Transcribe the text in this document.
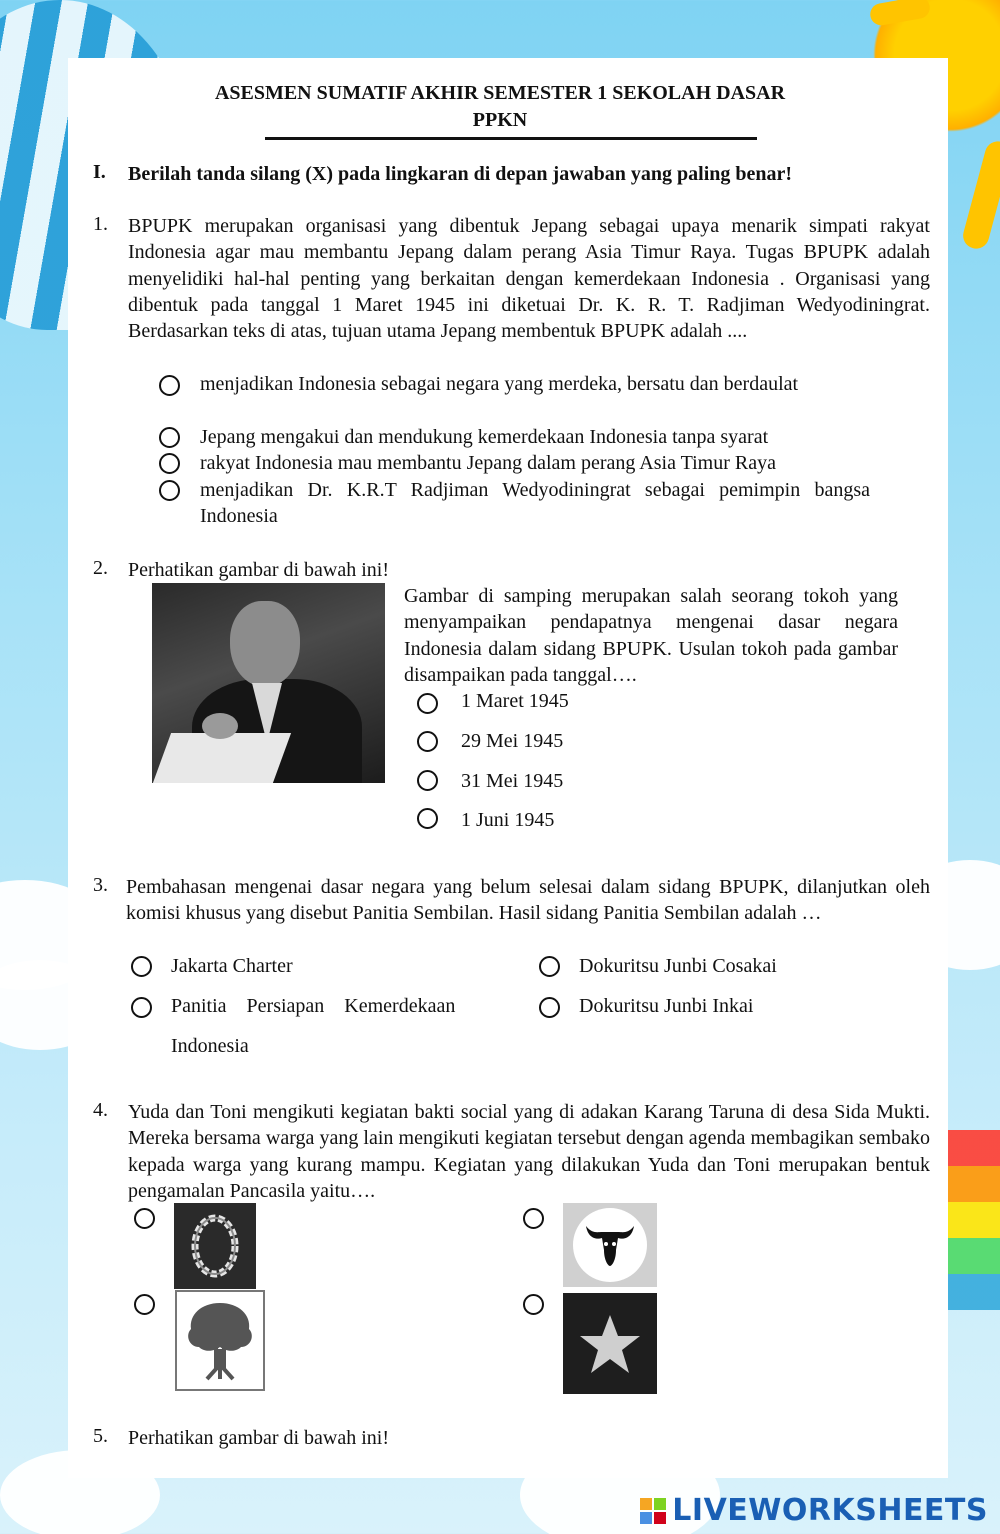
ASESMEN SUMATIF AKHIR SEMESTER 1 SEKOLAH DASAR
PPKN
I. Berilah tanda silang (X) pada lingkaran di depan jawaban yang paling benar!
1. BPUPK merupakan organisasi yang dibentuk Jepang sebagai upaya menarik simpati rakyat Indonesia agar mau membantu Jepang dalam perang Asia Timur Raya. Tugas BPUPK adalah menyelidiki hal-hal penting yang berkaitan dengan kemerdekaan Indonesia . Organisasi yang dibentuk pada tanggal 1 Maret 1945 ini diketuai Dr. K. R. T. Radjiman Wedyodiningrat. Berdasarkan teks di atas, tujuan utama Jepang membentuk BPUPK adalah ....
menjadikan Indonesia sebagai negara yang merdeka, bersatu dan berdaulat
Jepang mengakui dan mendukung kemerdekaan Indonesia tanpa syarat
rakyat Indonesia mau membantu Jepang dalam perang Asia Timur Raya
menjadikan Dr. K.R.T Radjiman Wedyodiningrat sebagai pemimpin bangsa Indonesia
2. Perhatikan gambar di bawah ini!
Gambar di samping merupakan salah seorang tokoh yang menyampaikan pendapatnya mengenai dasar negara Indonesia dalam sidang BPUPK. Usulan tokoh pada gambar disampaikan pada tanggal….
1 Maret 1945
29 Mei 1945
31 Mei 1945
1 Juni 1945
3. Pembahasan mengenai dasar negara yang belum selesai dalam sidang BPUPK, dilanjutkan oleh komisi khusus yang disebut Panitia Sembilan. Hasil sidang Panitia Sembilan adalah …
Jakarta Charter
Panitia    Persiapan    Kemerdekaan
Indonesia
Dokuritsu Junbi Cosakai
Dokuritsu Junbi Inkai
4. Yuda dan Toni mengikuti kegiatan bakti social yang di adakan Karang Taruna di desa Sida Mukti. Mereka bersama warga yang lain mengikuti kegiatan tersebut dengan agenda membagikan sembako kepada warga yang kurang mampu. Kegiatan yang dilakukan Yuda dan Toni merupakan bentuk pengamalan Pancasila yaitu….
5. Perhatikan gambar di bawah ini!
LIVEWORKSHEETS
